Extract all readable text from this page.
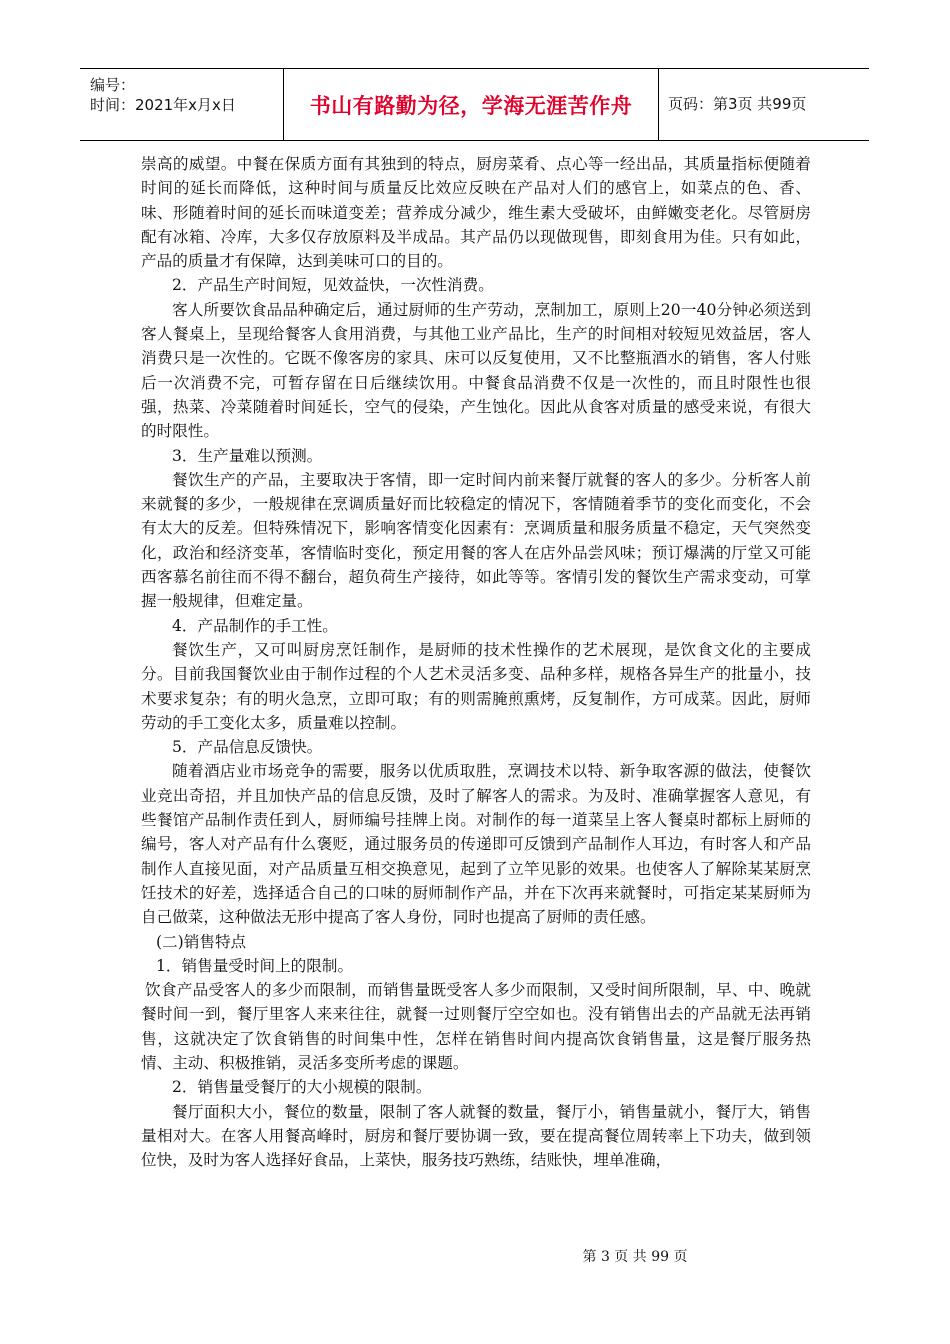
编号：
时间：2021年x月x日	书山有路勤为径，学海无涯苦作舟	页码：第3页 共99页

崇高的威望。中餐在保质方面有其独到的特点，厨房菜肴、点心等一经出品，其质量指标便随着时间的延长而降低，这种时间与质量反比效应反映在产品对人们的感官上，如菜点的色、香、味、形随着时间的延长而味道变差；营养成分减少，维生素大受破坏，由鲜嫩变老化。尽管厨房配有冰箱、冷库，大多仅存放原料及半成品。其产品仍以现做现售，即刻食用为佳。只有如此，产品的质量才有保障，达到美味可口的目的。

2．产品生产时间短，见效益快，一次性消费。

客人所要饮食品品种确定后，通过厨师的生产劳动，烹制加工，原则上20一40分钟必须送到客人餐桌上，呈现给餐客人食用消费，与其他工业产品比，生产的时间相对较短见效益居，客人消费只是一次性的。它既不像客房的家具、床可以反复使用，又不比整瓶酒水的销售，客人付账后一次消费不完，可暂存留在日后继续饮用。中餐食品消费不仅是一次性的，而且时限性也很强，热菜、冷菜随着时间延长，空气的侵染，产生蚀化。因此从食客对质量的感受来说，有很大的时限性。

3．生产量难以预测。

餐饮生产的产品，主要取决于客情，即一定时间内前来餐厅就餐的客人的多少。分析客人前来就餐的多少，一般规律在烹调质量好而比较稳定的情况下，客情随着季节的变化而变化，不会有太大的反差。但特殊情况下，影响客情变化因素有：烹调质量和服务质量不稳定，天气突然变化，政治和经济变革，客情临时变化，预定用餐的客人在店外品尝风味；预订爆满的厅堂又可能西客慕名前往而不得不翻台，超负荷生产接待，如此等等。客情引发的餐饮生产需求变动，可掌握一般规律，但难定量。

4．产品制作的手工性。

餐饮生产，又可叫厨房烹饪制作，是厨师的技术性操作的艺术展现，是饮食文化的主要成分。目前我国餐饮业由于制作过程的个人艺术灵活多变、品种多样，规格各异生产的批量小，技术要求复杂；有的明火急烹，立即可取；有的则需腌煎熏烤，反复制作，方可成菜。因此，厨师劳动的手工变化太多，质量难以控制。

5．产品信息反馈快。

随着酒店业市场竞争的需要，服务以优质取胜，烹调技术以特、新争取客源的做法，使餐饮业竞出奇招，并且加快产品的信息反馈，及时了解客人的需求。为及时、准确掌握客人意见，有些餐馆产品制作责任到人，厨师编号挂牌上岗。对制作的每一道菜呈上客人餐桌时都标上厨师的编号，客人对产品有什么褒贬，通过服务员的传递即可反馈到产品制作人耳边，有时客人和产品制作人直接见面，对产品质量互相交换意见，起到了立竿见影的效果。也使客人了解除某某厨烹饪技术的好差，选择适合自己的口味的厨师制作产品，并在下次再来就餐时，可指定某某厨师为自己做菜，这种做法无形中提高了客人身份，同时也提高了厨师的责任感。

(二)销售特点

1．销售量受时间上的限制。

饮食产品受客人的多少而限制，而销售量既受客人多少而限制，又受时间所限制，早、中、晚就餐时间一到，餐厅里客人来来往往，就餐一过则餐厅空空如也。没有销售出去的产品就无法再销售，这就决定了饮食销售的时间集中性，怎样在销售时间内提高饮食销售量，这是餐厅服务热情、主动、积极推销，灵活多变所考虑的课题。

2．销售量受餐厅的大小规模的限制。

餐厅面积大小，餐位的数量，限制了客人就餐的数量，餐厅小，销售量就小，餐厅大，销售量相对大。在客人用餐高峰时，厨房和餐厅要协调一致，要在提高餐位周转率上下功夫，做到领位快，及时为客人选择好食品，上菜快，服务技巧熟练，结账快，埋单准确，

第 3 页 共 99 页
